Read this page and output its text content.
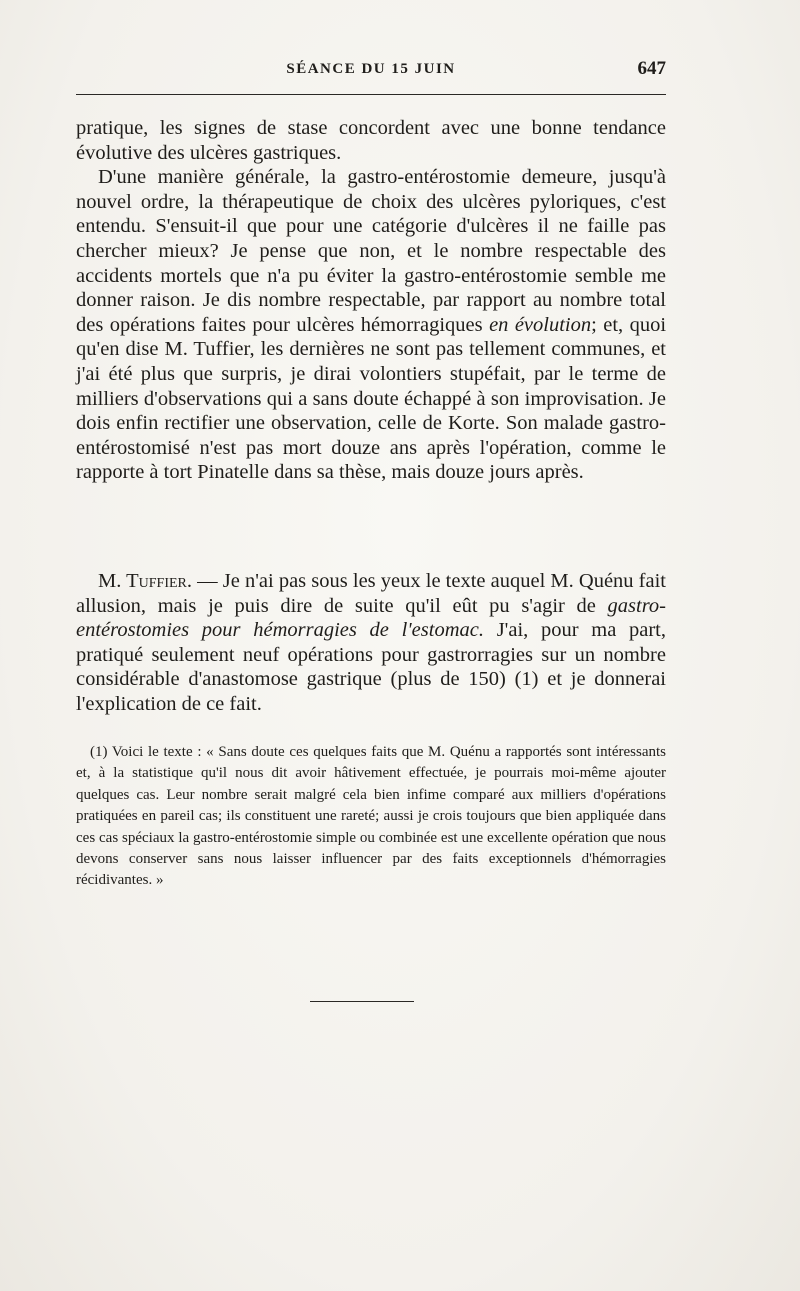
SÉANCE DU 15 JUIN	647

pratique, les signes de stase concordent avec une bonne tendance évolutive des ulcères gastriques.

D'une manière générale, la gastro-entérostomie demeure, jusqu'à nouvel ordre, la thérapeutique de choix des ulcères pyloriques, c'est entendu. S'ensuit-il que pour une catégorie d'ulcères il ne faille pas chercher mieux? Je pense que non, et le nombre respectable des accidents mortels que n'a pu éviter la gastro-entérostomie semble me donner raison. Je dis nombre respectable, par rapport au nombre total des opérations faites pour ulcères hémorragiques en évolution; et, quoi qu'en dise M. Tuffier, les dernières ne sont pas tellement communes, et j'ai été plus que surpris, je dirai volontiers stupéfait, par le terme de milliers d'observations qui a sans doute échappé à son improvisation. Je dois enfin rectifier une observation, celle de Korte. Son malade gastro-entérostomisé n'est pas mort douze ans après l'opération, comme le rapporte à tort Pinatelle dans sa thèse, mais douze jours après.

M. Tuffier. — Je n'ai pas sous les yeux le texte auquel M. Quénu fait allusion, mais je puis dire de suite qu'il eût pu s'agir de gastro-entérostomies pour hémorragies de l'estomac. J'ai, pour ma part, pratiqué seulement neuf opérations pour gastrorragies sur un nombre considérable d'anastomose gastrique (plus de 150) (1) et je donnerai l'explication de ce fait.

(1) Voici le texte : « Sans doute ces quelques faits que M. Quénu a rapportés sont intéressants et, à la statistique qu'il nous dit avoir hâtivement effectuée, je pourrais moi-même ajouter quelques cas. Leur nombre serait malgré cela bien infime comparé aux milliers d'opérations pratiquées en pareil cas; ils constituent une rareté; aussi je crois toujours que bien appliquée dans ces cas spéciaux la gastro-entérostomie simple ou combinée est une excellente opération que nous devons conserver sans nous laisser influencer par des faits exceptionnels d'hémorragies récidivantes. »
